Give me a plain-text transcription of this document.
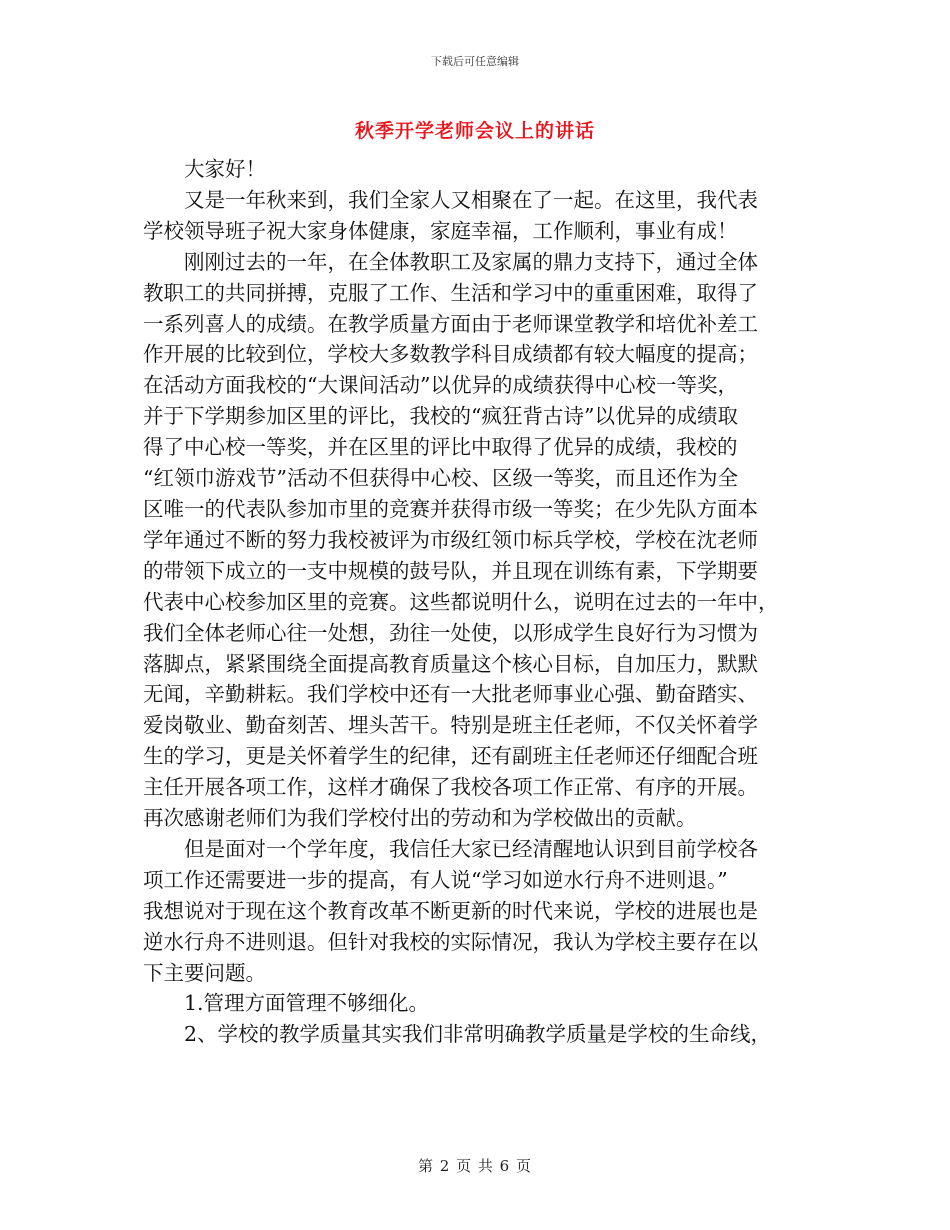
下载后可任意编辑
秋季开学老师会议上的讲话
　　大家好！
　　又是一年秋来到，我们全家人又相聚在了一起。在这里，我代表
学校领导班子祝大家身体健康，家庭幸福，工作顺利，事业有成！
　　刚刚过去的一年，在全体教职工及家属的鼎力支持下，通过全体
教职工的共同拼搏，克服了工作、生活和学习中的重重困难，取得了
一系列喜人的成绩。在教学质量方面由于老师课堂教学和培优补差工
作开展的比较到位，学校大多数教学科目成绩都有较大幅度的提高；
在活动方面我校的“大课间活动”以优异的成绩获得中心校一等奖，
并于下学期参加区里的评比，我校的“疯狂背古诗”以优异的成绩取
得了中心校一等奖，并在区里的评比中取得了优异的成绩，我校的
“红领巾游戏节”活动不但获得中心校、区级一等奖，而且还作为全
区唯一的代表队参加市里的竞赛并获得市级一等奖；在少先队方面本
学年通过不断的努力我校被评为市级红领巾标兵学校，学校在沈老师
的带领下成立的一支中规模的鼓号队，并且现在训练有素，下学期要
代表中心校参加区里的竞赛。这些都说明什么，说明在过去的一年中，
我们全体老师心往一处想，劲往一处使，以形成学生良好行为习惯为
落脚点，紧紧围绕全面提高教育质量这个核心目标，自加压力，默默
无闻，辛勤耕耘。我们学校中还有一大批老师事业心强、勤奋踏实、
爱岗敬业、勤奋刻苦、埋头苦干。特别是班主任老师，不仅关怀着学
生的学习，更是关怀着学生的纪律，还有副班主任老师还仔细配合班
主任开展各项工作，这样才确保了我校各项工作正常、有序的开展。
再次感谢老师们为我们学校付出的劳动和为学校做出的贡献。
　　但是面对一个学年度，我信任大家已经清醒地认识到目前学校各
项工作还需要进一步的提高，有人说“学习如逆水行舟不进则退。”
我想说对于现在这个教育改革不断更新的时代来说，学校的进展也是
逆水行舟不进则退。但针对我校的实际情况，我认为学校主要存在以
下主要问题。
　　1.管理方面管理不够细化。
　　2、学校的教学质量其实我们非常明确教学质量是学校的生命线，
第 2 页 共 6 页
